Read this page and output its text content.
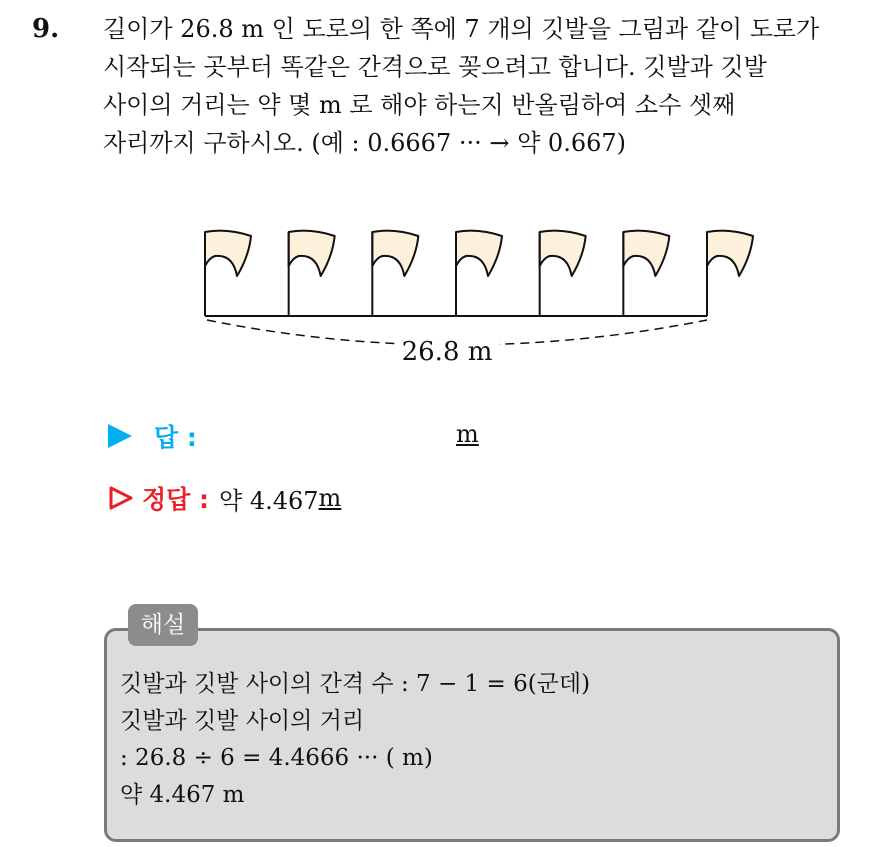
9. 길이가 26.8 m 인 도로의 한 쪽에 7 개의 깃발을 그림과 같이 도로가
시작되는 곳부터 똑같은 간격으로 꽂으려고 합니다. 깃발과 깃발
사이의 거리는 약 몇 m 로 해야 하는지 반올림하여 소수 셋째
자리까지 구하시오. (예 : 0.6667 ··· → 약 0.667)

26.8 m
답 :	m
정답 : 약 4.467 m
해설
깃발과 깃발 사이의 간격 수 : 7 − 1 = 6(군데)
깃발과 깃발 사이의 거리
: 26.8 ÷ 6 = 4.4666 ··· ( m)
약 4.467 m
